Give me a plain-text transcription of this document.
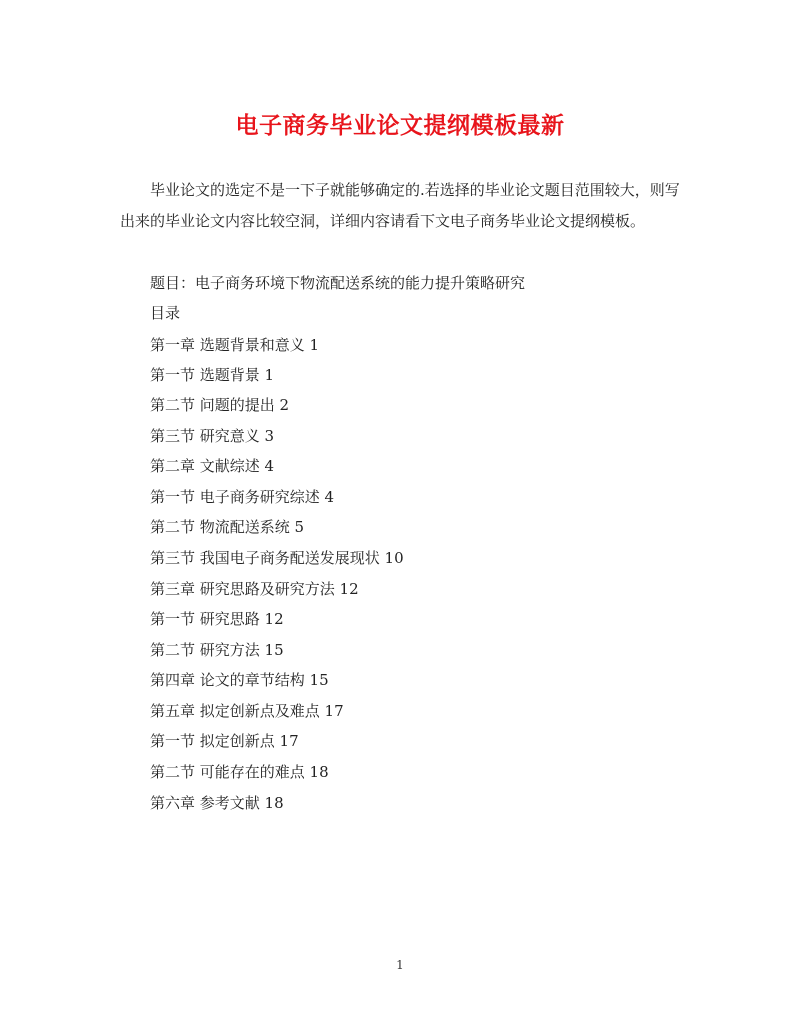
电子商务毕业论文提纲模板最新
毕业论文的选定不是一下子就能够确定的.若选择的毕业论文题目范围较大，则写出来的毕业论文内容比较空洞，详细内容请看下文电子商务毕业论文提纲模板。
题目：电子商务环境下物流配送系统的能力提升策略研究
目录
第一章 选题背景和意义 1
第一节 选题背景 1
第二节 问题的提出 2
第三节 研究意义 3
第二章 文献综述 4
第一节 电子商务研究综述 4
第二节 物流配送系统 5
第三节 我国电子商务配送发展现状 10
第三章 研究思路及研究方法 12
第一节 研究思路 12
第二节 研究方法 15
第四章 论文的章节结构 15
第五章 拟定创新点及难点 17
第一节 拟定创新点 17
第二节 可能存在的难点 18
第六章 参考文献 18
1
